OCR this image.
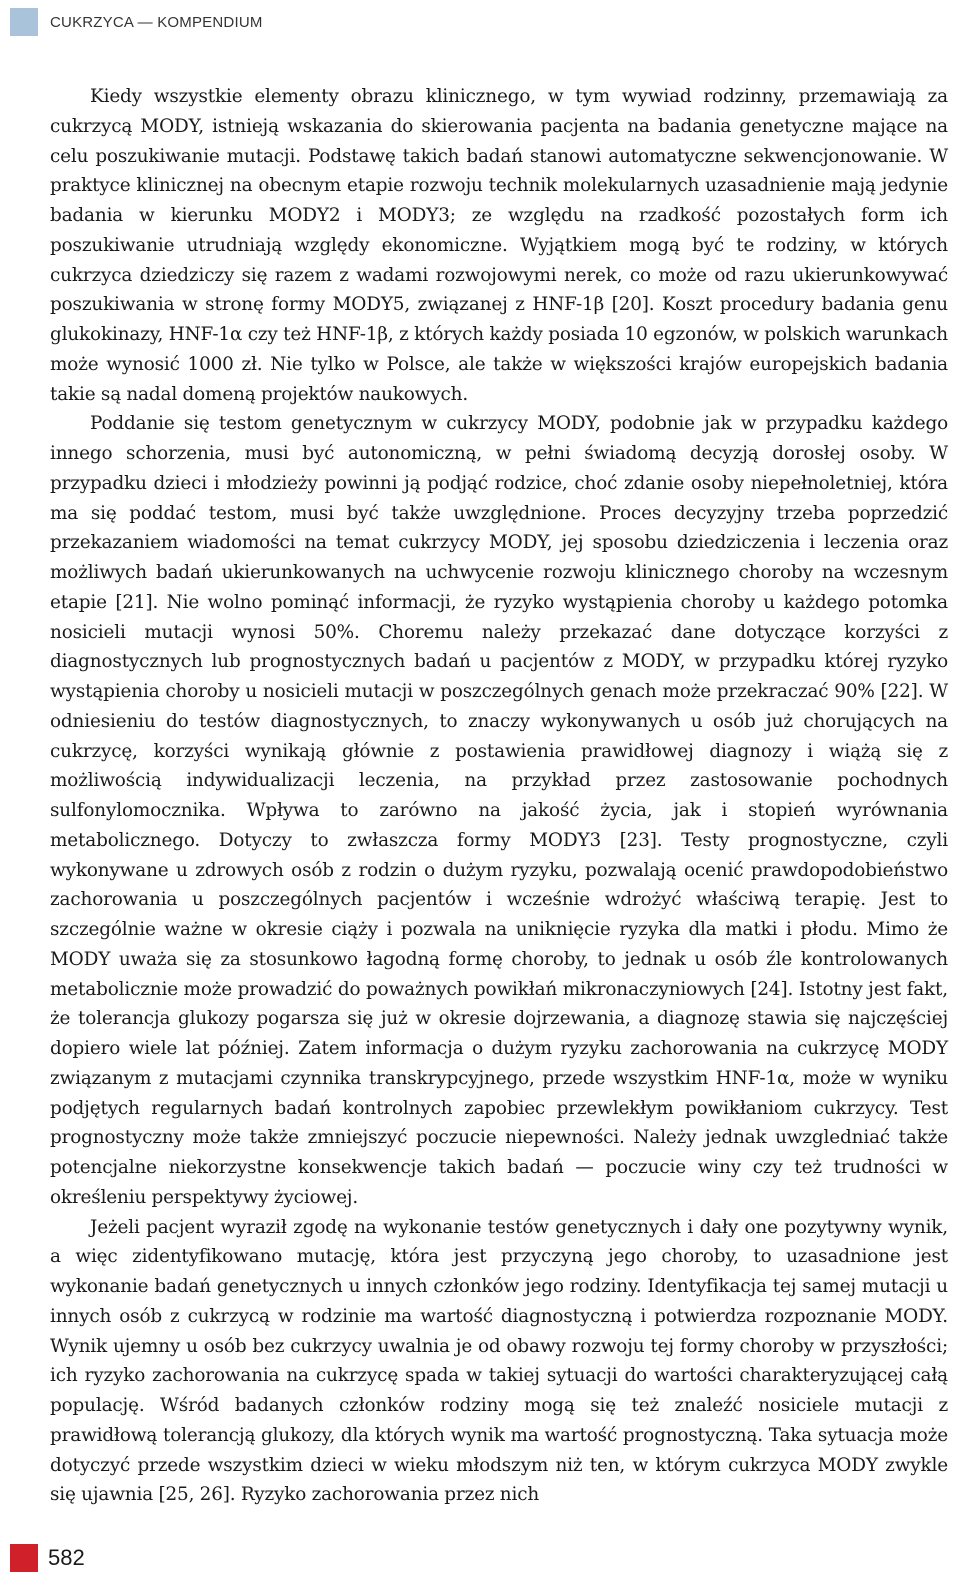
CUKRZYCA — KOMPENDIUM

Kiedy wszystkie elementy obrazu klinicznego, w tym wywiad rodzinny, przemawiają za cukrzycą MODY, istnieją wskazania do skierowania pacjenta na badania genetyczne mające na celu poszukiwanie mutacji. Podstawę takich badań stanowi automatyczne sekwencjonowanie. W praktyce klinicznej na obecnym etapie rozwoju technik molekularnych uzasadnienie mają jedynie badania w kierunku MODY2 i MODY3; ze względu na rzadkość pozostałych form ich poszukiwanie utrudniają względy ekonomiczne. Wyjątkiem mogą być te rodziny, w których cukrzyca dziedziczy się razem z wadami rozwojowymi nerek, co może od razu ukierunkowywać poszukiwania w stronę formy MODY5, związanej z HNF-1β [20]. Koszt procedury badania genu glukokinazy, HNF-1α czy też HNF-1β, z których każdy posiada 10 egzonów, w polskich warunkach może wynosić 1000 zł. Nie tylko w Polsce, ale także w większości krajów europejskich badania takie są nadal domeną projektów naukowych.

Poddanie się testom genetycznym w cukrzycy MODY, podobnie jak w przypadku każdego innego schorzenia, musi być autonomiczną, w pełni świadomą decyzją dorosłej osoby. W przypadku dzieci i młodzieży powinni ją podjąć rodzice, choć zdanie osoby niepełnoletniej, która ma się poddać testom, musi być także uwzględnione. Proces decyzyjny trzeba poprzedzić przekazaniem wiadomości na temat cukrzycy MODY, jej sposobu dziedziczenia i leczenia oraz możliwych badań ukierunkowanych na uchwycenie rozwoju klinicznego choroby na wczesnym etapie [21]. Nie wolno pominąć informacji, że ryzyko wystąpienia choroby u każdego potomka nosicieli mutacji wynosi 50%. Choremu należy przekazać dane dotyczące korzyści z diagnostycznych lub prognostycznych badań u pacjentów z MODY, w przypadku której ryzyko wystąpienia choroby u nosicieli mutacji w poszczególnych genach może przekraczać 90% [22]. W odniesieniu do testów diagnostycznych, to znaczy wykonywanych u osób już chorujących na cukrzycę, korzyści wynikają głównie z postawienia prawidłowej diagnozy i wiążą się z możliwością indywidualizacji leczenia, na przykład przez zastosowanie pochodnych sulfonylomocznika. Wpływa to zarówno na jakość życia, jak i stopień wyrównania metabolicznego. Dotyczy to zwłaszcza formy MODY3 [23]. Testy prognostyczne, czyli wykonywane u zdrowych osób z rodzin o dużym ryzyku, pozwalają ocenić prawdopodobieństwo zachorowania u poszczególnych pacjentów i wcześnie wdrożyć właściwą terapię. Jest to szczególnie ważne w okresie ciąży i pozwala na uniknięcie ryzyka dla matki i płodu. Mimo że MODY uważa się za stosunkowo łagodną formę choroby, to jednak u osób źle kontrolowanych metabolicznie może prowadzić do poważnych powikłań mikronaczyniowych [24]. Istotny jest fakt, że tolerancja glukozy pogarsza się już w okresie dojrzewania, a diagnozę stawia się najczęściej dopiero wiele lat później. Zatem informacja o dużym ryzyku zachorowania na cukrzycę MODY związanym z mutacjami czynnika transkrypcyjnego, przede wszystkim HNF-1α, może w wyniku podjętych regularnych badań kontrolnych zapobiec przewlekłym powikłaniom cukrzycy. Test prognostyczny może także zmniejszyć poczucie niepewności. Należy jednak uwzgledniać także potencjalne niekorzystne konsekwencje takich badań — poczucie winy czy też trudności w określeniu perspektywy życiowej.

Jeżeli pacjent wyraził zgodę na wykonanie testów genetycznych i dały one pozytywny wynik, a więc zidentyfikowano mutację, która jest przyczyną jego choroby, to uzasadnione jest wykonanie badań genetycznych u innych członków jego rodziny. Identyfikacja tej samej mutacji u innych osób z cukrzycą w rodzinie ma wartość diagnostyczną i potwierdza rozpoznanie MODY. Wynik ujemny u osób bez cukrzycy uwalnia je od obawy rozwoju tej formy choroby w przyszłości; ich ryzyko zachorowania na cukrzycę spada w takiej sytuacji do wartości charakteryzującej całą populację. Wśród badanych członków rodziny mogą się też znaleźć nosiciele mutacji z prawidłową tolerancją glukozy, dla których wynik ma wartość prognostyczną. Taka sytuacja może dotyczyć przede wszystkim dzieci w wieku młodszym niż ten, w którym cukrzyca MODY zwykle się ujawnia [25, 26]. Ryzyko zachorowania przez nich

582
